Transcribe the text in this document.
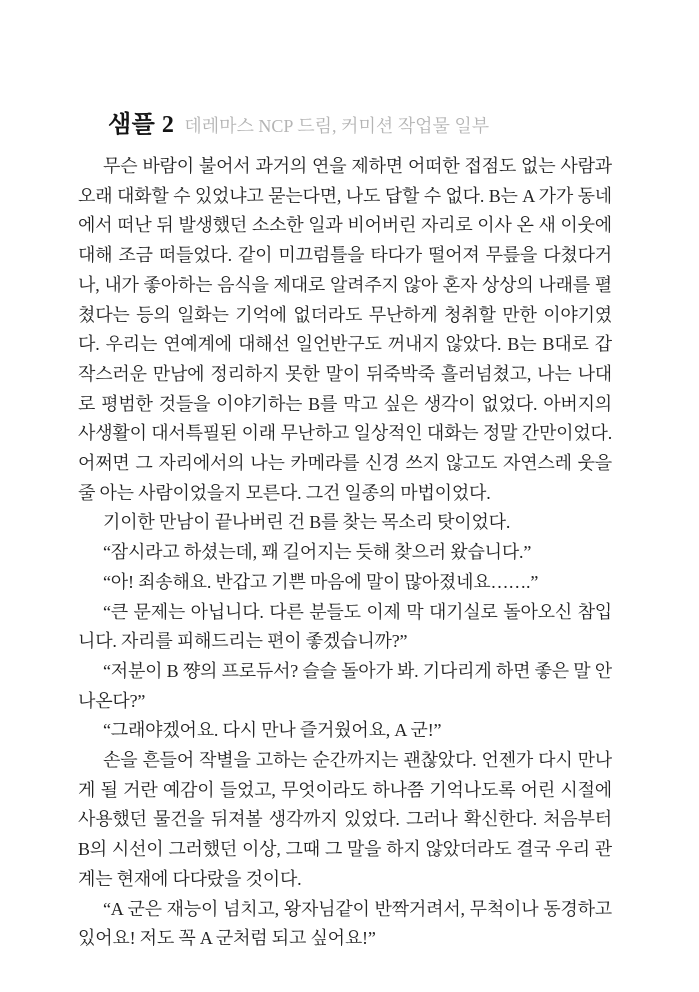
샘플 2 데레마스 NCP 드림, 커미션 작업물 일부

무슨 바람이 불어서 과거의 연을 제하면 어떠한 접점도 없는 사람과 오래 대화할 수 있었냐고 묻는다면, 나도 답할 수 없다. B는 A 가가 동네에서 떠난 뒤 발생했던 소소한 일과 비어버린 자리로 이사 온 새 이웃에 대해 조금 떠들었다. 같이 미끄럼틀을 타다가 떨어져 무릎을 다쳤다거나, 내가 좋아하는 음식을 제대로 알려주지 않아 혼자 상상의 나래를 펼쳤다는 등의 일화는 기억에 없더라도 무난하게 청취할 만한 이야기였다. 우리는 연예계에 대해선 일언반구도 꺼내지 않았다. B는 B대로 갑작스러운 만남에 정리하지 못한 말이 뒤죽박죽 흘러넘쳤고, 나는 나대로 평범한 것들을 이야기하는 B를 막고 싶은 생각이 없었다. 아버지의 사생활이 대서특필된 이래 무난하고 일상적인 대화는 정말 간만이었다. 어쩌면 그 자리에서의 나는 카메라를 신경 쓰지 않고도 자연스레 웃을 줄 아는 사람이었을지 모른다. 그건 일종의 마법이었다.

기이한 만남이 끝나버린 건 B를 찾는 목소리 탓이었다.

“잠시라고 하셨는데, 꽤 길어지는 듯해 찾으러 왔습니다.”

“아! 죄송해요. 반갑고 기쁜 마음에 말이 많아졌네요…….”

“큰 문제는 아닙니다. 다른 분들도 이제 막 대기실로 돌아오신 참입니다. 자리를 피해드리는 편이 좋겠습니까?”

“저분이 B 쨩의 프로듀서? 슬슬 돌아가 봐. 기다리게 하면 좋은 말 안 나온다?”

“그래야겠어요. 다시 만나 즐거웠어요, A 군!”

손을 흔들어 작별을 고하는 순간까지는 괜찮았다. 언젠가 다시 만나게 될 거란 예감이 들었고, 무엇이라도 하나쯤 기억나도록 어린 시절에 사용했던 물건을 뒤져볼 생각까지 있었다. 그러나 확신한다. 처음부터 B의 시선이 그러했던 이상, 그때 그 말을 하지 않았더라도 결국 우리 관계는 현재에 다다랐을 것이다.

“A 군은 재능이 넘치고, 왕자님같이 반짝거려서, 무척이나 동경하고 있어요! 저도 꼭 A 군처럼 되고 싶어요!”
